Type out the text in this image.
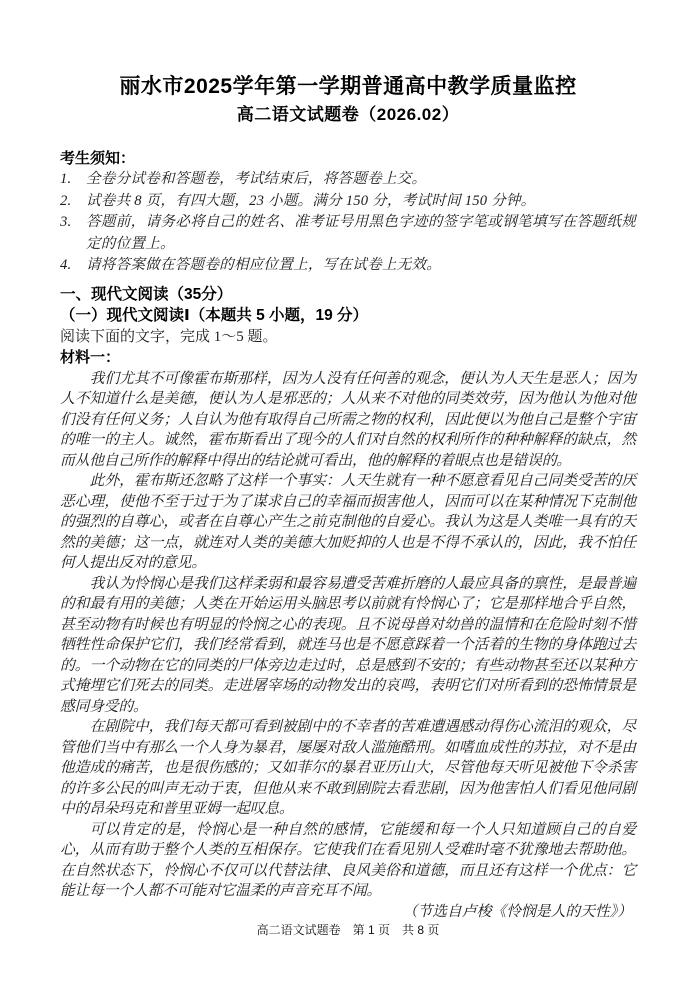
丽水市2025学年第一学期普通高中教学质量监控
高二语文试题卷（2026.02）
考生须知：
1.	全卷分试卷和答题卷，考试结束后，将答题卷上交。
2.	试卷共 8 页，有四大题，23 小题。满分 150 分，考试时间 150 分钟。
3.	答题前，请务必将自己的姓名、准考证号用黑色字迹的签字笔或钢笔填写在答题纸规定的位置上。
4.	请将答案做在答题卷的相应位置上，写在试卷上无效。
一、现代文阅读（35分）
（一）现代文阅读Ⅰ（本题共 5 小题，19 分）
阅读下面的文字，完成 1～5 题。
材料一：

我们尤其不可像霍布斯那样，因为人没有任何善的观念，便认为人天生是恶人；因为人不知道什么是美德，便认为人是邪恶的；人从来不对他的同类效劳，因为他认为他对他们没有任何义务；人自认为他有取得自己所需之物的权利，因此便以为他自己是整个宇宙的唯一的主人。诚然，霍布斯看出了现今的人们对自然的权利所作的种种解释的缺点，然而从他自己所作的解释中得出的结论就可看出，他的解释的着眼点也是错误的。

此外，霍布斯还忽略了这样一个事实：人天生就有一种不愿意看见自己同类受苦的厌恶心理，使他不至于过于为了谋求自己的幸福而损害他人，因而可以在某种情况下克制他的强烈的自尊心，或者在自尊心产生之前克制他的自爱心。我认为这是人类唯一具有的天然的美德；这一点，就连对人类的美德大加贬抑的人也是不得不承认的，因此，我不怕任何人提出反对的意见。

我认为怜悯心是我们这样柔弱和最容易遭受苦难折磨的人最应具备的禀性，是最普遍的和最有用的美德；人类在开始运用头脑思考以前就有怜悯心了；它是那样地合乎自然，甚至动物有时候也有明显的怜悯之心的表现。且不说母兽对幼兽的温情和在危险时刻不惜牺牲性命保护它们，我们经常看到，就连马也是不愿意踩着一个活着的生物的身体跑过去的。一个动物在它的同类的尸体旁边走过时，总是感到不安的；有些动物甚至还以某种方式掩埋它们死去的同类。走进屠宰场的动物发出的哀鸣，表明它们对所看到的恐怖情景是感同身受的。

在剧院中，我们每天都可看到被剧中的不幸者的苦难遭遇感动得伤心流泪的观众，尽管他们当中有那么一个人身为暴君，屡屡对敌人滥施酷刑。如嗜血成性的苏拉，对不是由他造成的痛苦，也是很伤感的；又如菲尔的暴君亚历山大，尽管他每天听见被他下令杀害的许多公民的叫声无动于衷，但他从来不敢到剧院去看悲剧，因为他害怕人们看见他同剧中的昂朵玛克和普里亚姆一起叹息。

可以肯定的是，怜悯心是一种自然的感情，它能缓和每一个人只知道顾自己的自爱心，从而有助于整个人类的互相保存。它使我们在看见别人受难时毫不犹豫地去帮助他。在自然状态下，怜悯心不仅可以代替法律、良风美俗和道德，而且还有这样一个优点：它能让每一个人都不可能对它温柔的声音充耳不闻。

（节选自卢梭《怜悯是人的天性》）

高二语文试题卷　第 1 页　共 8 页
